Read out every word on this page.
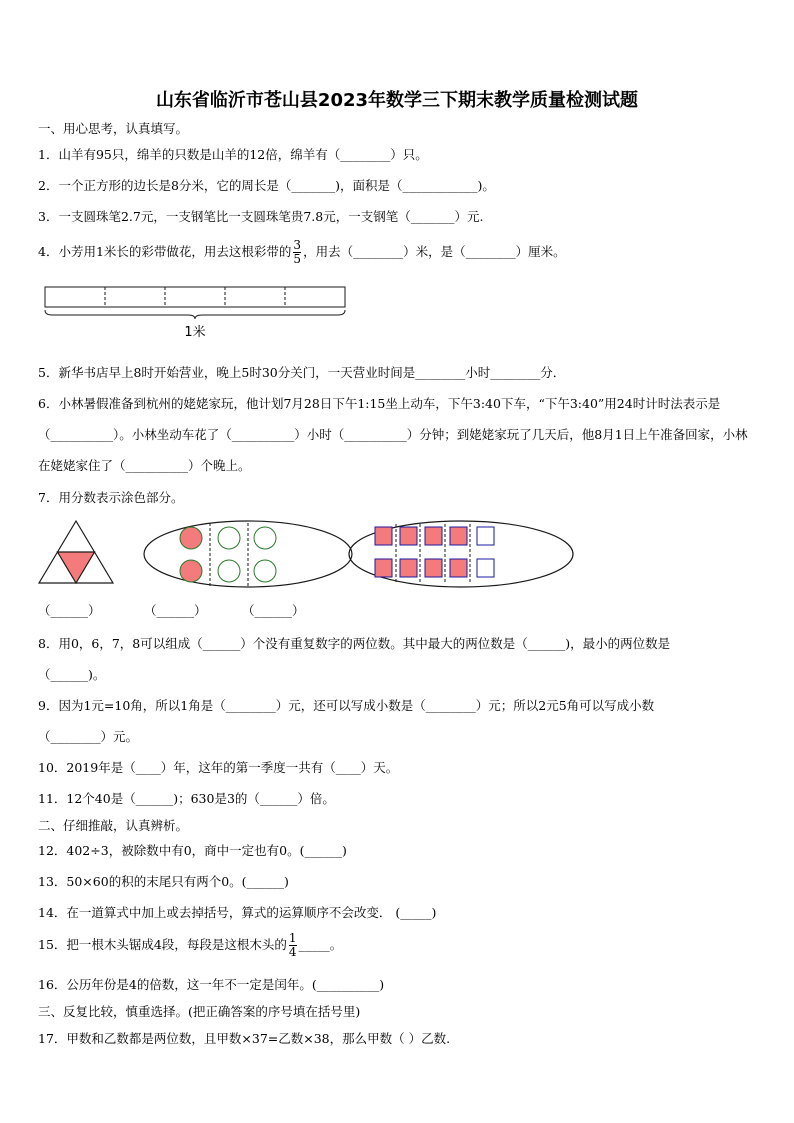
山东省临沂市苍山县2023年数学三下期末教学质量检测试题
一、用心思考，认真填写。
1．山羊有95只，绵羊的只数是山羊的12倍，绵羊有（________）只。
2．一个正方形的边长是8分米，它的周长是（_______)，面积是（____________)。
3．一支圆珠笔2.7元，一支钢笔比一支圆珠笔贵7.8元，一支钢笔（_______）元.
4．小芳用1米长的彩带做花，用去这根彩带的 $\frac{3}{5}$ ，用去（________）米，是（________）厘米。
1米
5．新华书店早上8时开始营业，晚上5时30分关门，一天营业时间是________小时________分．
6．小林暑假准备到杭州的姥姥家玩，他计划7月28日下午1:15坐上动车，下午3:40下车，“下午3:40”用24时计时法表示是（__________）。小林坐动车花了（__________）小时（__________）分钟；到姥姥家玩了几天后，他8月1日上午准备回家，小林在姥姥家住了（__________）个晚上。
7．用分数表示涂色部分。
（______）	（______）	（______）
8．用0，6，7，8可以组成（______）个没有重复数字的两位数。其中最大的两位数是（______)，最小的两位数是
（______)。
9．因为1元=10角，所以1角是（________）元，还可以写成小数是（________）元；所以2元5角可以写成小数
（________）元。
10．2019年是（____）年，这年的第一季度一共有（____）天。
11．12个40是（______)；630是3的（______）倍。
二、仔细推敲，认真辨析。
12．402÷3，被除数中有0，商中一定也有0。(______)
13．50×60的积的末尾只有两个0。(______)
14．在一道算式中加上或去掉括号，算式的运算顺序不会改变． (_____)
15．把一根木头锯成4段，每段是这根木头的 $\frac{1}{4}$ _____。
16．公历年份是4的倍数，这一年不一定是闰年。(__________)
三、反复比较，慎重选择。(把正确答案的序号填在括号里)
17．甲数和乙数都是两位数，且甲数×37=乙数×38，那么甲数（ ）乙数.
